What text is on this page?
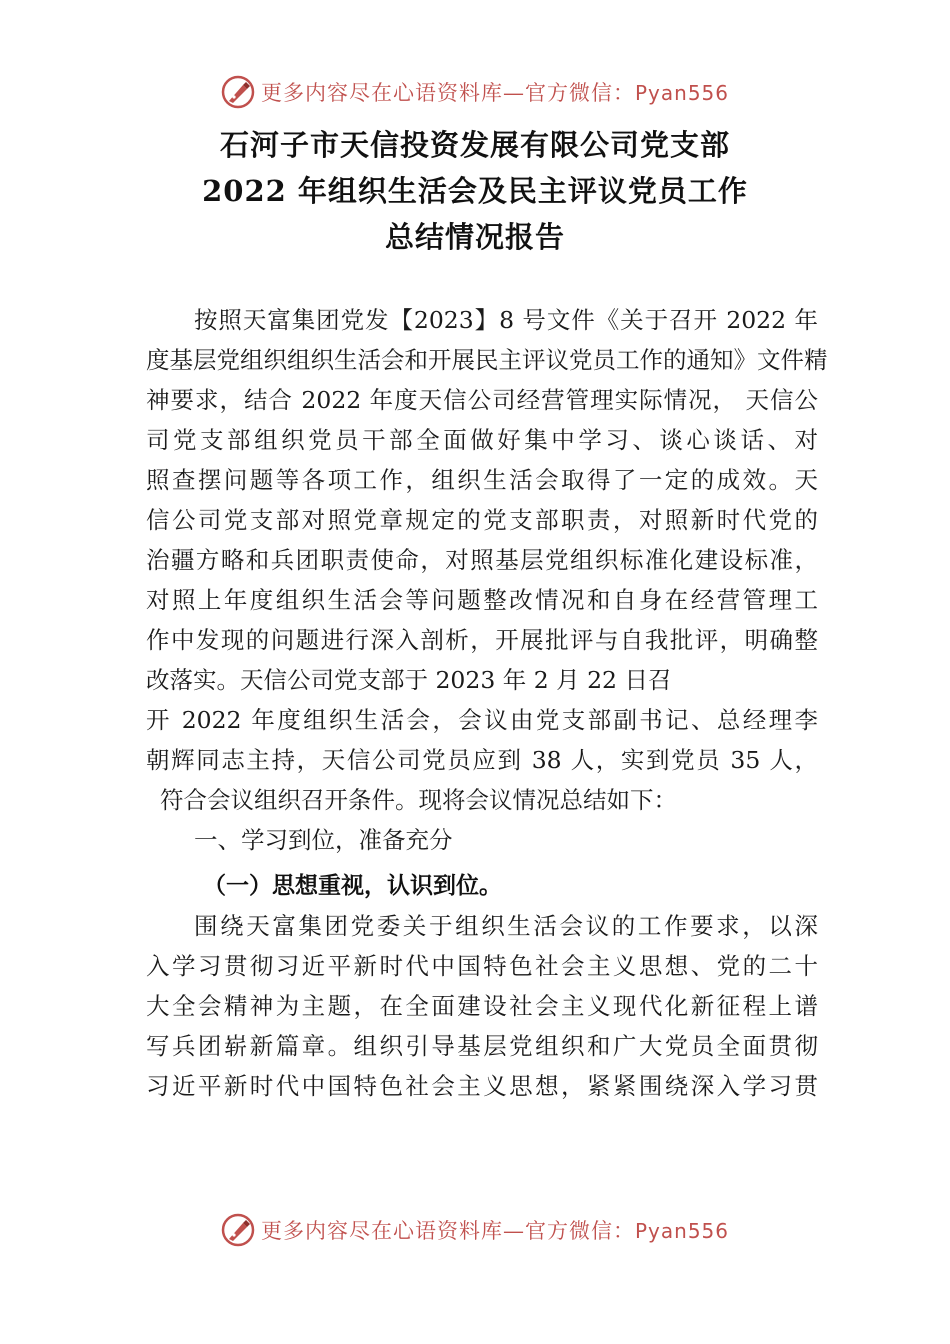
更多内容尽在心语资料库—官方微信：Pyan556
石河子市天信投资发展有限公司党支部
2022 年组织生活会及民主评议党员工作
总结情况报告
按照天富集团党发【2023】8 号文件《关于召开 2022 年
度基层党组织组织生活会和开展民主评议党员工作的通知》文件精
神要求，结合 2022 年度天信公司经营管理实际情况， 天信公
司党支部组织党员干部全面做好集中学习、谈心谈话、对
照查摆问题等各项工作，组织生活会取得了一定的成效。天
信公司党支部对照党章规定的党支部职责，对照新时代党的
治疆方略和兵团职责使命，对照基层党组织标准化建设标准，
对照上年度组织生活会等问题整改情况和自身在经营管理工
作中发现的问题进行深入剖析，开展批评与自我批评，明确整
改落实。天信公司党支部于 2023 年 2 月 22 日召
开 2022 年度组织生活会，会议由党支部副书记、总经理李
朝辉同志主持，天信公司党员应到 38 人，实到党员 35 人，
符合会议组织召开条件。现将会议情况总结如下：
一、学习到位，准备充分
（一）思想重视，认识到位。
围绕天富集团党委关于组织生活会议的工作要求，以深
入学习贯彻习近平新时代中国特色社会主义思想、党的二十
大全会精神为主题，在全面建设社会主义现代化新征程上谱
写兵团崭新篇章。组织引导基层党组织和广大党员全面贯彻
习近平新时代中国特色社会主义思想，紧紧围绕深入学习贯
更多内容尽在心语资料库—官方微信：Pyan556
